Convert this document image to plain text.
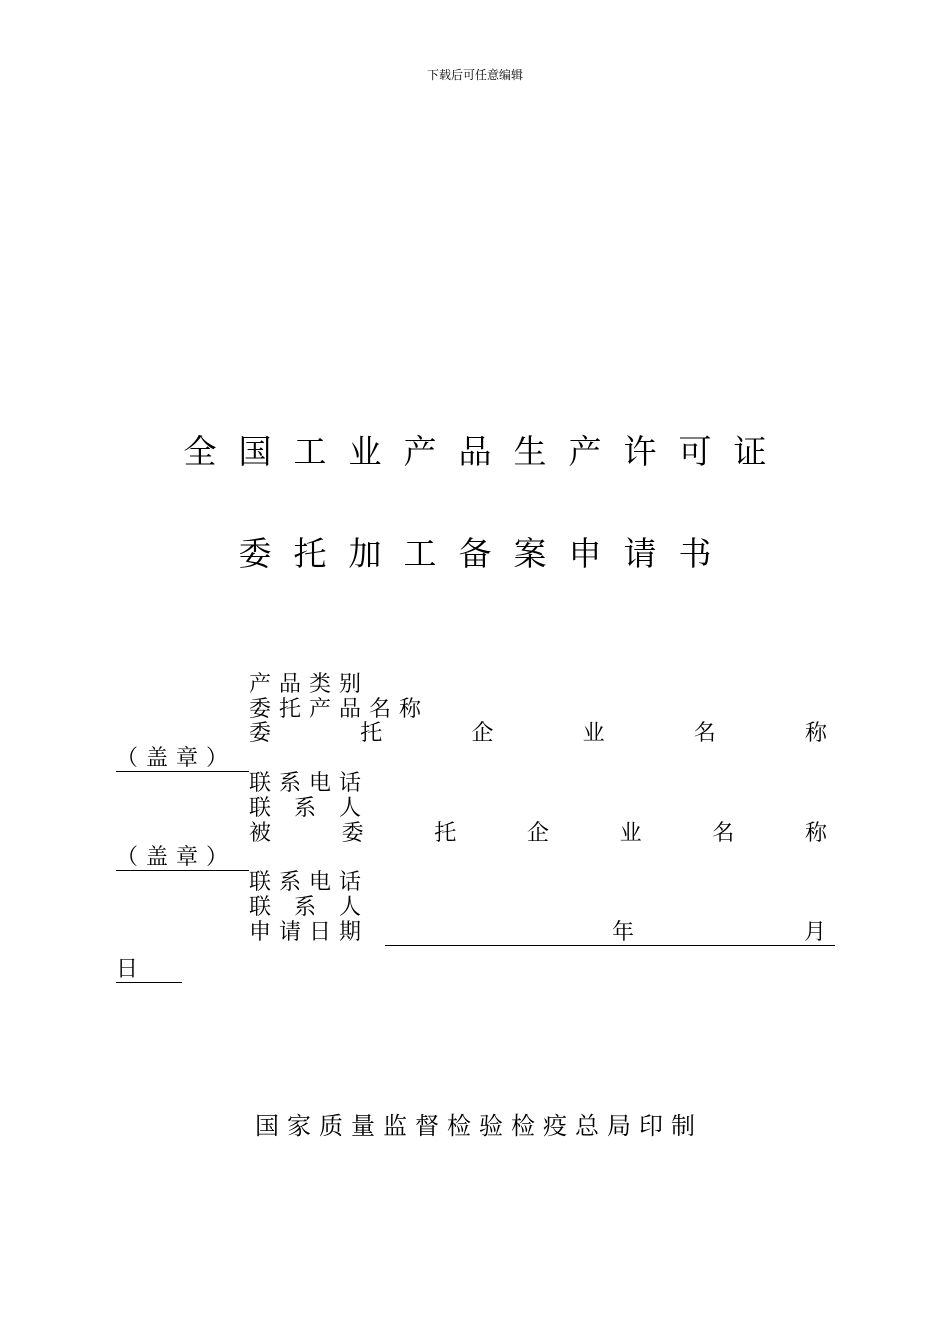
下载后可任意编辑
全国工业产品生产许可证
委托加工备案申请书
产品类别
委托产品名称
委	托	企	业	名	称
（盖章）
联系电话
联 系 人
被	委	托	企	业	名	称
（盖章）
联系电话
联 系 人
申请日期	年	月
日
国家质量监督检验检疫总局印制
